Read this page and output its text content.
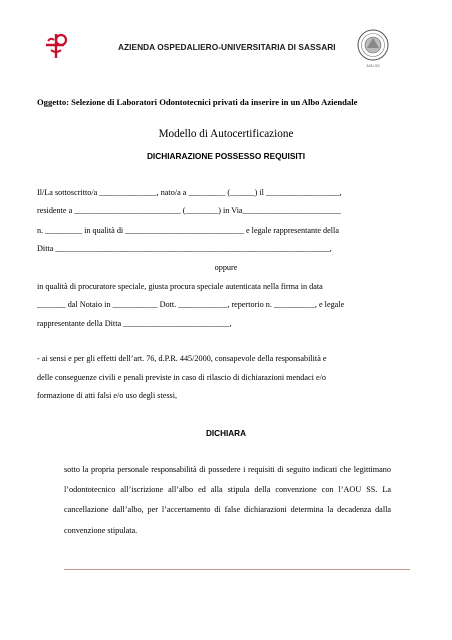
AZIENDA OSPEDALIERO-UNIVERSITARIA DI SASSARI
AOU SS
Oggetto: Selezione di Laboratori Odontotecnici privati da inserire in un Albo Aziendale
Modello di Autocertificazione
DICHIARAZIONE POSSESSO REQUISITI
Il/La sottoscritto/a ______________, nato/a a _________ (______) il __________________,
residente a __________________________ (________) in Via________________________
n. _________ in qualità di _____________________________ e legale rappresentante della
Ditta ___________________________________________________________________,
oppure
in qualità di procuratore speciale, giusta procura speciale autenticata nella firma in data
_______ dal Notaio in ___________ Dott. ____________, repertorio n. __________, e legale
rappresentante della Ditta __________________________,
- ai sensi e per gli effetti dell’art. 76, d.P.R. 445/2000, consapevole della responsabilità e
delle conseguenze civili e penali previste in caso di rilascio di dichiarazioni mendaci e/o
formazione di atti falsi e/o uso degli stessi,
DICHIARA
sotto la propria personale responsabilità di possedere i requisiti di seguito indicati che legittimano l’odontotecnico all’iscrizione all’albo ed alla stipula della convenzione con l’AOU SS. La cancellazione dall’albo, per l’accertamento di false dichiarazioni determina la decadenza dalla convenzione stipulata.
